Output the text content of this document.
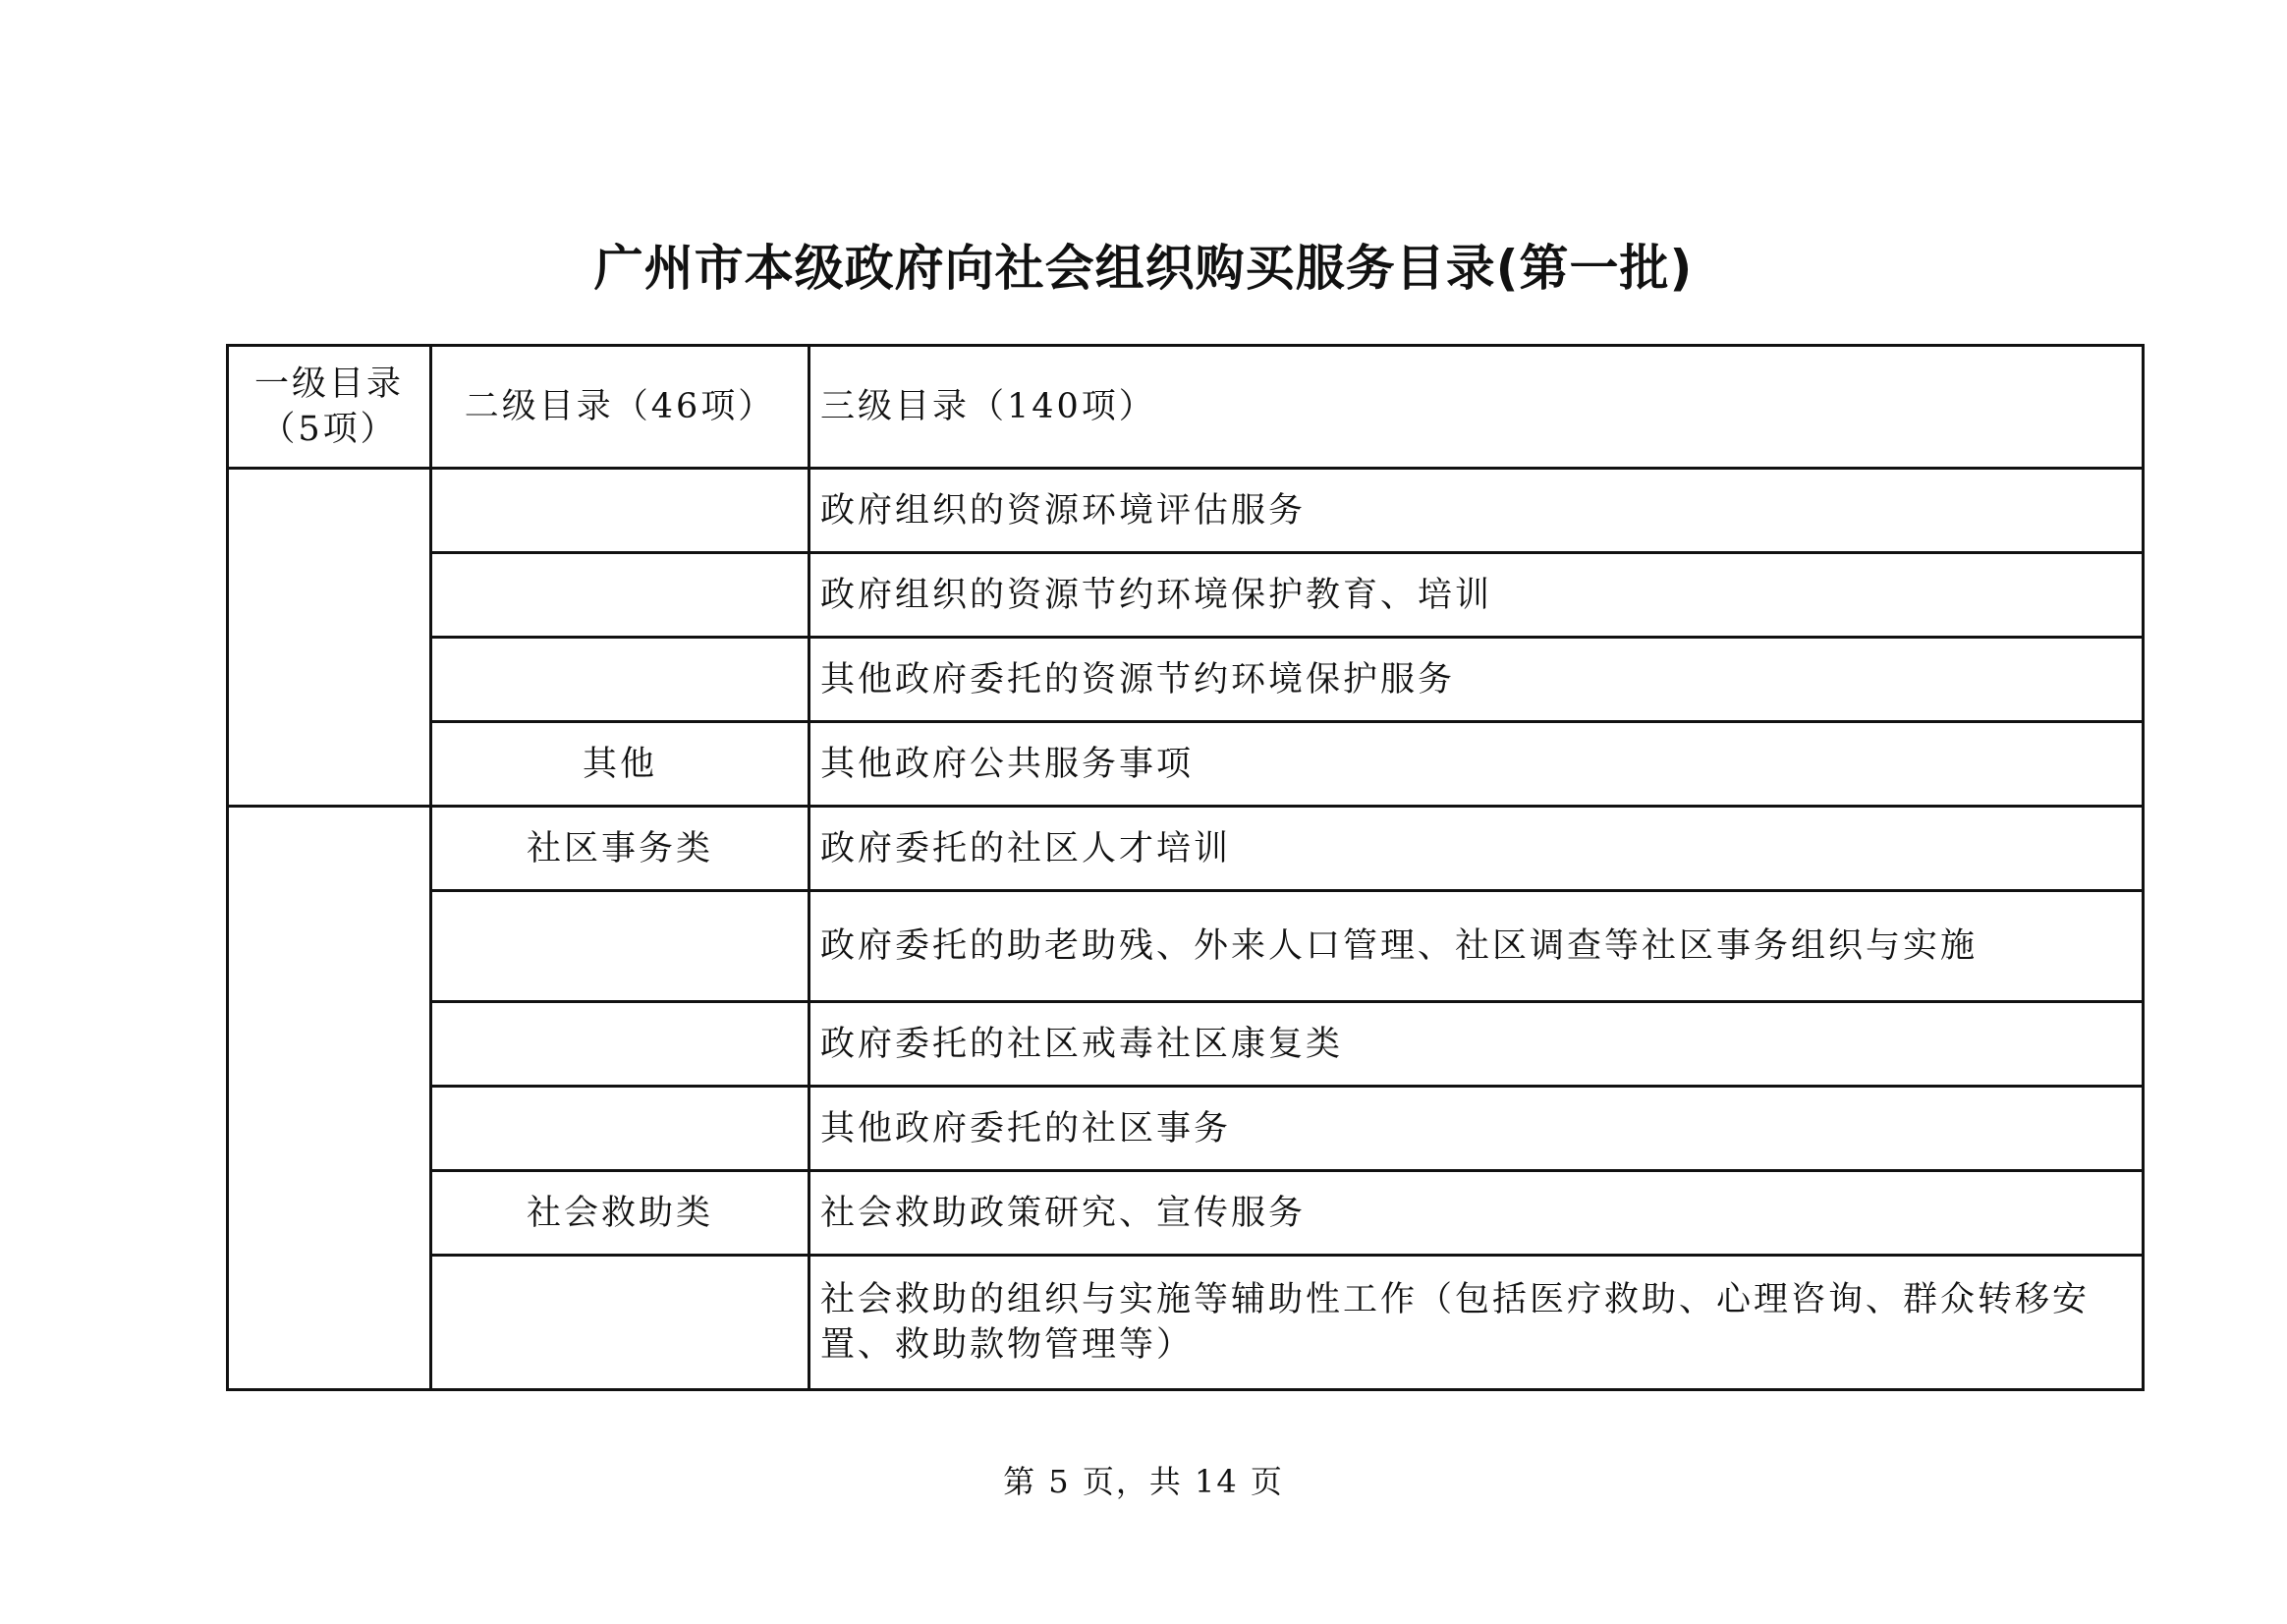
广州市本级政府向社会组织购买服务目录(第一批)
一级目录
（5项）	二级目录（46项）	三级目录（140项）
		政府组织的资源环境评估服务
		政府组织的资源节约环境保护教育、培训
		其他政府委托的资源节约环境保护服务
	其他	其他政府公共服务事项
	社区事务类	政府委托的社区人才培训
		政府委托的助老助残、外来人口管理、社区调查等社区事务组织与实施
		政府委托的社区戒毒社区康复类
		其他政府委托的社区事务
	社会救助类	社会救助政策研究、宣传服务
		社会救助的组织与实施等辅助性工作（包括医疗救助、心理咨询、群众转移安置、救助款物管理等）
第 5 页，共 14 页
